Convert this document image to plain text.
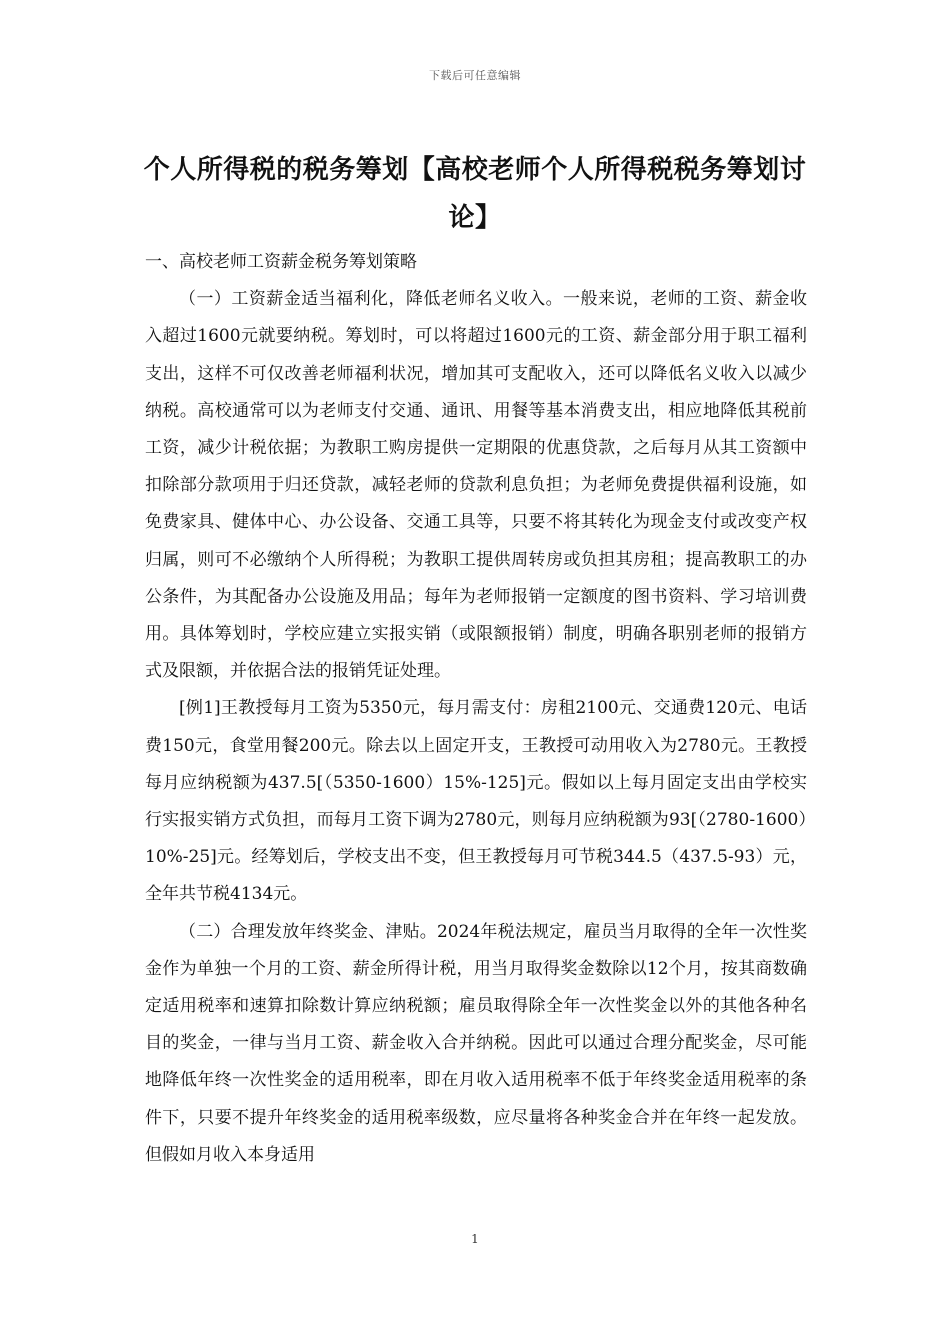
下载后可任意编辑
个人所得税的税务筹划【高校老师个人所得税税务筹划讨论】

一、高校老师工资薪金税务筹划策略

（一）工资薪金适当福利化，降低老师名义收入。一般来说，老师的工资、薪金收入超过1600元就要纳税。筹划时，可以将超过1600元的工资、薪金部分用于职工福利支出，这样不可仅改善老师福利状况，增加其可支配收入，还可以降低名义收入以减少纳税。高校通常可以为老师支付交通、通讯、用餐等基本消费支出，相应地降低其税前工资，减少计税依据；为教职工购房提供一定期限的优惠贷款，之后每月从其工资额中扣除部分款项用于归还贷款，减轻老师的贷款利息负担；为老师免费提供福利设施，如免费家具、健体中心、办公设备、交通工具等，只要不将其转化为现金支付或改变产权归属，则可不必缴纳个人所得税；为教职工提供周转房或负担其房租；提高教职工的办公条件，为其配备办公设施及用品；每年为老师报销一定额度的图书资料、学习培训费用。具体筹划时，学校应建立实报实销（或限额报销）制度，明确各职别老师的报销方式及限额，并依据合法的报销凭证处理。

[例1]王教授每月工资为5350元，每月需支付：房租2100元、交通费120元、电话费150元，食堂用餐200元。除去以上固定开支，王教授可动用收入为2780元。王教授每月应纳税额为437.5[（5350-1600）15%-125]元。假如以上每月固定支出由学校实行实报实销方式负担，而每月工资下调为2780元，则每月应纳税额为93[（2780-1600）10%-25]元。经筹划后，学校支出不变，但王教授每月可节税344.5（437.5-93）元，全年共节税4134元。

（二）合理发放年终奖金、津贴。2024年税法规定，雇员当月取得的全年一次性奖金作为单独一个月的工资、薪金所得计税，用当月取得奖金数除以12个月，按其商数确定适用税率和速算扣除数计算应纳税额；雇员取得除全年一次性奖金以外的其他各种名目的奖金，一律与当月工资、薪金收入合并纳税。因此可以通过合理分配奖金，尽可能地降低年终一次性奖金的适用税率，即在月收入适用税率不低于年终奖金适用税率的条件下，只要不提升年终奖金的适用税率级数，应尽量将各种奖金合并在年终一起发放。但假如月收入本身适用

1
